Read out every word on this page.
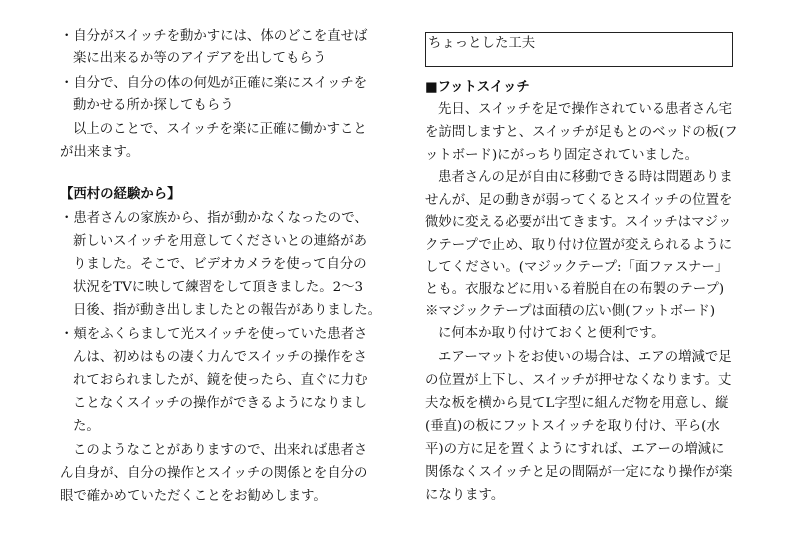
・自分がスイッチを動かすには、体のどこを直せば
楽に出来るか等のアイデアを出してもらう
・自分で、自分の体の何処が正確に楽にスイッチを
動かせる所か探してもらう
以上のことで、スイッチを楽に正確に働かすこと
が出来ます。
【西村の経験から】
・患者さんの家族から、指が動かなくなったので、
新しいスイッチを用意してくださいとの連絡があ
りました。そこで、ビデオカメラを使って自分の
状況をTVに映して練習をして頂きました。2〜3
日後、指が動き出しましたとの報告がありました。
・頬をふくらまして光スイッチを使っていた患者さ
んは、初めはもの凄く力んでスイッチの操作をさ
れておられましたが、鏡を使ったら、直ぐに力む
ことなくスイッチの操作ができるようになりまし
た。
このようなことがありますので、出来れば患者さ
ん自身が、自分の操作とスイッチの関係とを自分の
眼で確かめていただくことをお勧めします。
ちょっとした工夫
■フットスイッチ
先日、スイッチを足で操作されている患者さん宅
を訪問しますと、スイッチが足もとのベッドの板(フ
ットボード)にがっちり固定されていました。
患者さんの足が自由に移動できる時は問題ありま
せんが、足の動きが弱ってくるとスイッチの位置を
微妙に変える必要が出てきます。スイッチはマジッ
クテープで止め、取り付け位置が変えられるように
してください。(マジックテープ:「面ファスナー」
とも。衣服などに用いる着脱自在の布製のテープ)
※マジックテープは面積の広い側(フットボード)
に何本か取り付けておくと便利です。
エアーマットをお使いの場合は、エアの増減で足
の位置が上下し、スイッチが押せなくなります。丈
夫な板を横から見てL字型に組んだ物を用意し、縦
(垂直)の板にフットスイッチを取り付け、平ら(水
平)の方に足を置くようにすれば、エアーの増減に
関係なくスイッチと足の間隔が一定になり操作が楽
になります。
